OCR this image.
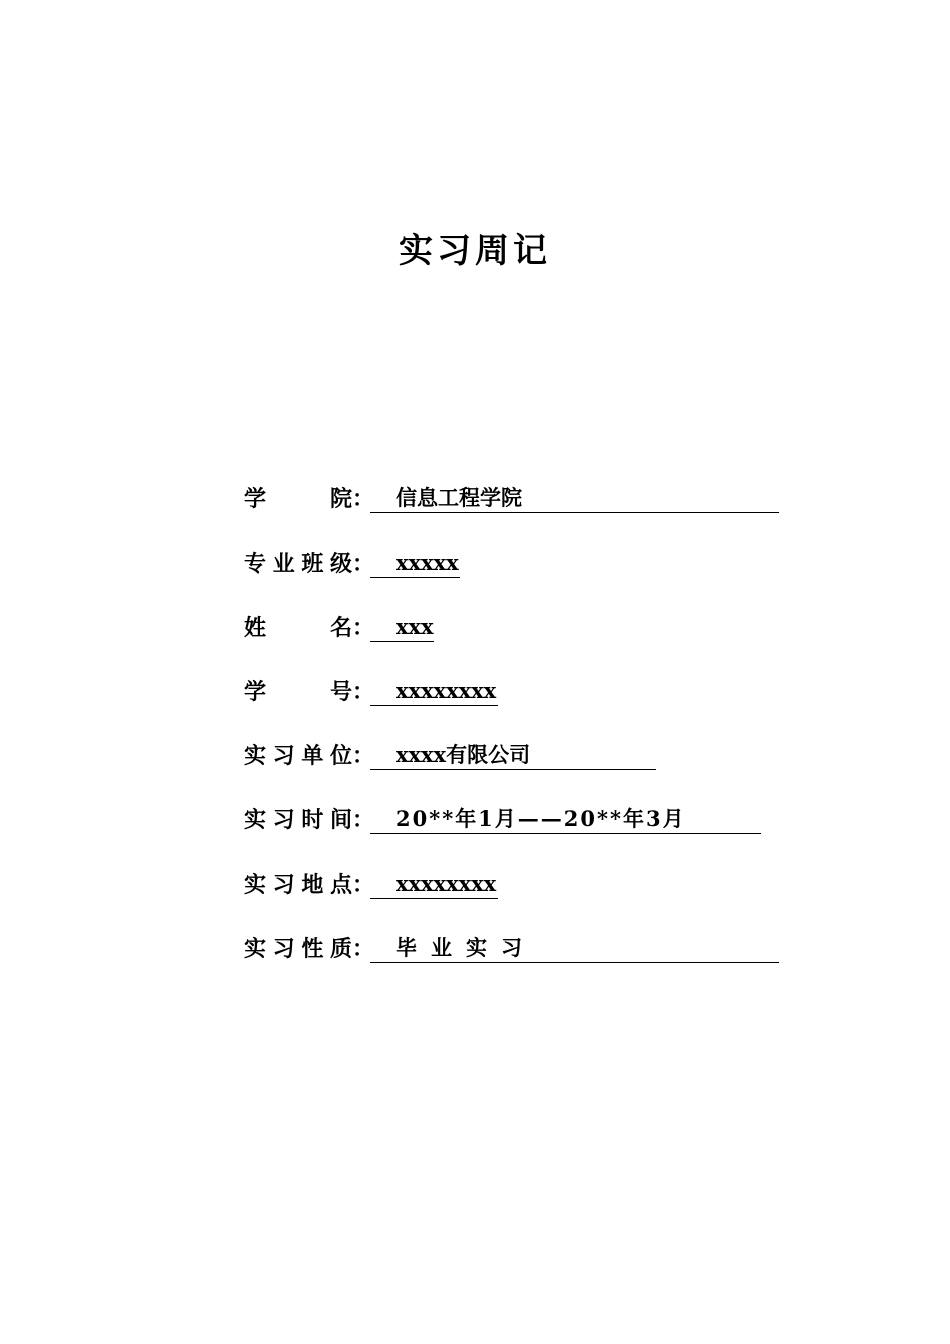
实习周记
学	院 ：	信息工程学院
专 业 班 级 ：	xxxxx
姓	名 ：	xxx
学	号 ：	xxxxxxxx
实 习 单 位 ：	xxxx有限公司
实 习 时 间 ：	20**年1月——20**年3月
实 习 地 点 ：	xxxxxxxx
实 习 性 质 ：	毕业实习
